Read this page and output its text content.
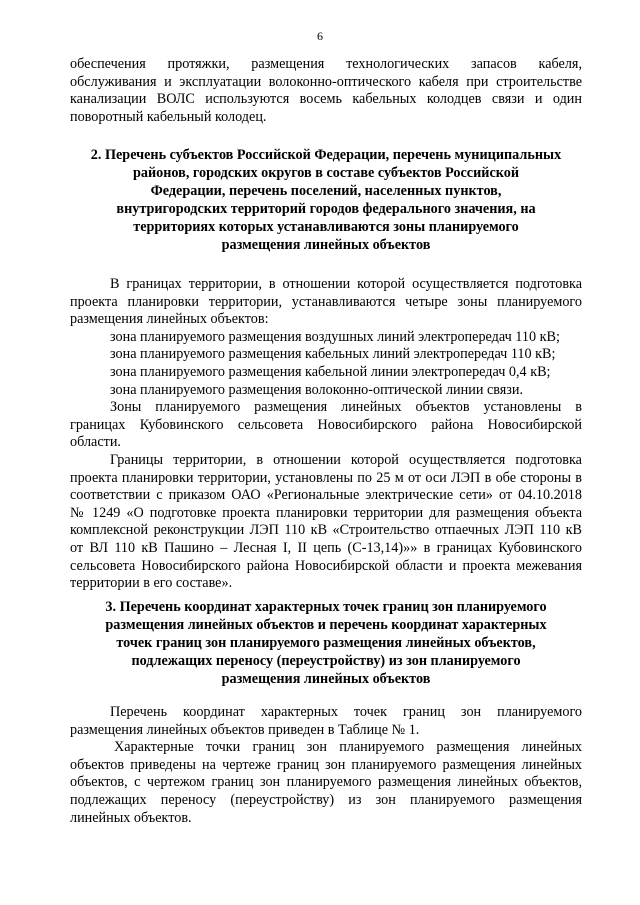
6
обеспечения протяжки, размещения технологических запасов кабеля,
обслуживания и эксплуатации волоконно-оптического кабеля при строительстве
канализации ВОЛС используются восемь кабельных колодцев связи и один
поворотный кабельный колодец.
2. Перечень субъектов Российской Федерации, перечень муниципальных
районов, городских округов в составе субъектов Российской
Федерации, перечень поселений, населенных пунктов,
внутригородских территорий городов федерального значения, на
территориях которых устанавливаются зоны планируемого
размещения линейных объектов
В границах территории, в отношении которой осуществляется подготовка
проекта планировки территории, устанавливаются четыре зоны планируемого
размещения линейных объектов:
зона планируемого размещения воздушных линий электропередач 110 кВ;
зона планируемого размещения кабельных линий электропередач 110 кВ;
зона планируемого размещения кабельной линии электропередач 0,4 кВ;
зона планируемого размещения волоконно-оптической линии связи.
Зоны планируемого размещения линейных объектов установлены в
границах Кубовинского сельсовета Новосибирского района Новосибирской
области.
Границы территории, в отношении которой осуществляется подготовка
проекта планировки территории, установлены по 25 м от оси ЛЭП в обе стороны в
соответствии с приказом ОАО «Региональные электрические сети» от 04.10.2018
№ 1249 «О подготовке проекта планировки территории для размещения объекта
комплексной реконструкции ЛЭП 110 кВ «Строительство отпаечных ЛЭП 110 кВ
от ВЛ 110 кВ Пашино – Лесная I, II цепь (С-13,14)»» в границах Кубовинского
сельсовета Новосибирского района Новосибирской области и проекта межевания
территории в его составе».
3. Перечень координат характерных точек границ зон планируемого
размещения линейных объектов и перечень координат характерных
точек границ зон планируемого размещения линейных объектов,
подлежащих переносу (переустройству) из зон планируемого
размещения линейных объектов
Перечень координат характерных точек границ зон планируемого
размещения линейных объектов приведен в Таблице № 1.
Характерные точки границ зон планируемого размещения линейных
объектов приведены на чертеже границ зон планируемого размещения линейных
объектов, с чертежом границ зон планируемого размещения линейных объектов,
подлежащих переносу (переустройству) из зон планируемого размещения
линейных объектов.
